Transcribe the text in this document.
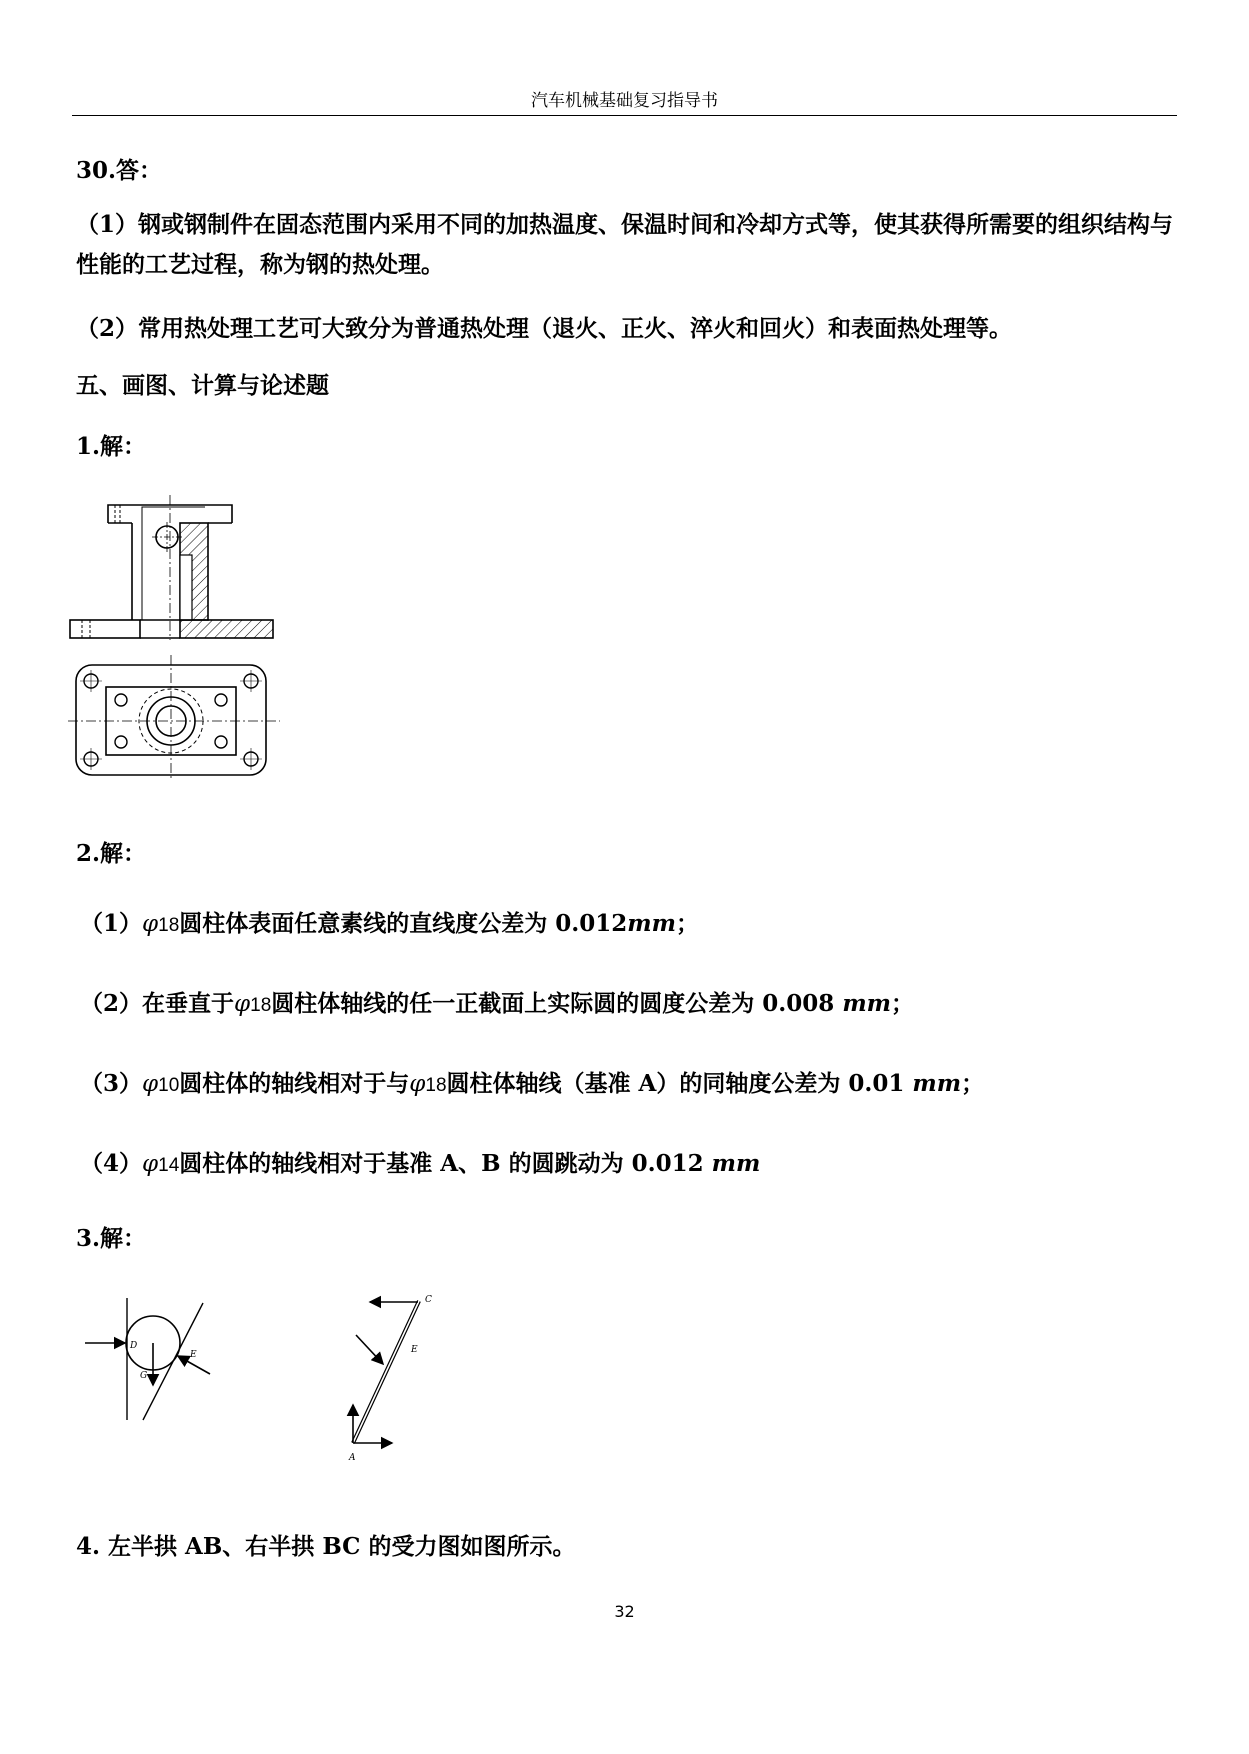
汽车机械基础复习指导书
30.答：
（1）钢或钢制件在固态范围内采用不同的加热温度、保温时间和冷却方式等，使其获得所需要的组织结构与性能的工艺过程，称为钢的热处理。
（2）常用热处理工艺可大致分为普通热处理（退火、正火、淬火和回火）和表面热处理等。
五、画图、计算与论述题
1.解：
2.解：
（1）φ18圆柱体表面任意素线的直线度公差为 0.012mm；
（2）在垂直于φ18圆柱体轴线的任一正截面上实际圆的圆度公差为 0.008 mm；
（3）φ10圆柱体的轴线相对于与φ18圆柱体轴线（基准 A）的同轴度公差为 0.01 mm；
（4）φ14圆柱体的轴线相对于基准 A、B 的圆跳动为 0.012 mm
3.解：
D
E
G
C
E
A
4. 左半拱 AB、右半拱 BC 的受力图如图所示。
32
